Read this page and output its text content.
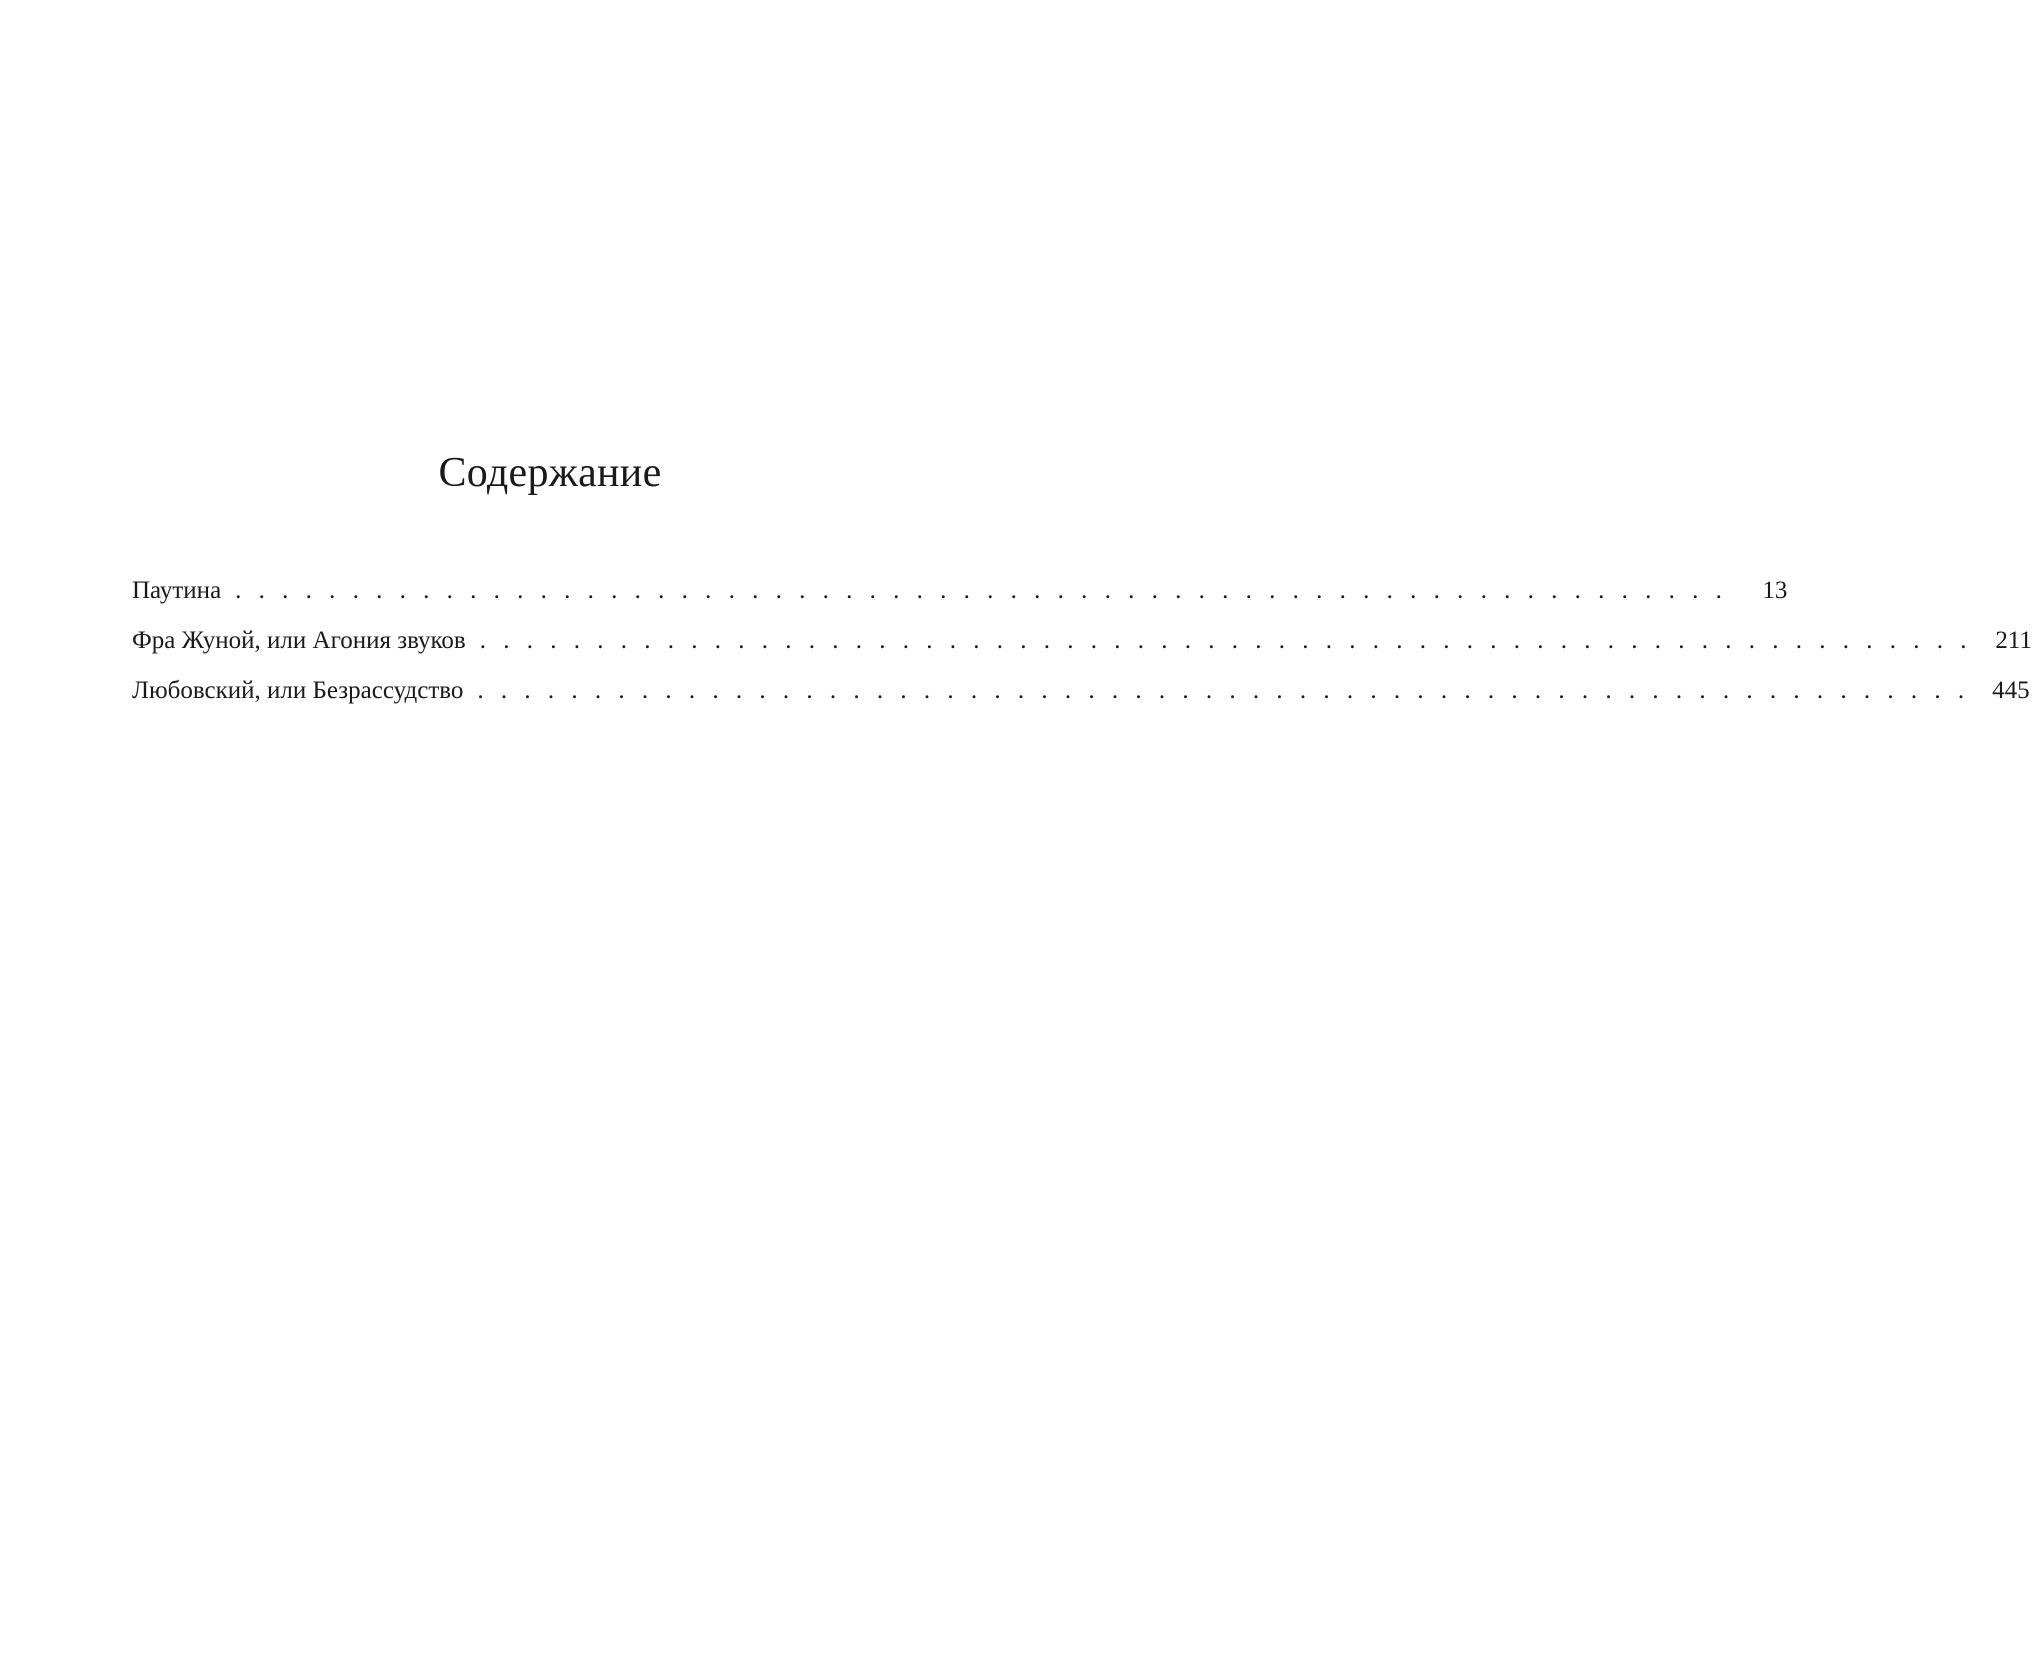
Содержание
Паутина . . . . . . . . . . . . . . . . . . . . . . . . . . . . . . . . . . . . . . . . . . . . . . . . . . . . . . . . . . . . . . . .	13
Фра Жуной, или Агония звуков . . . . . . . . . . . . . . . . . . . . . . . . . . . . . . . . . . . . . . . . . . . . . . . . . . . . . . . . . . . . . . . . 211
Любовский, или Безрассудство . . . . . . . . . . . . . . . . . . . . . . . . . . . . . . . . . . . . . . . . . . . . . . . . . . . . . . . . . . . . . . . . 445
